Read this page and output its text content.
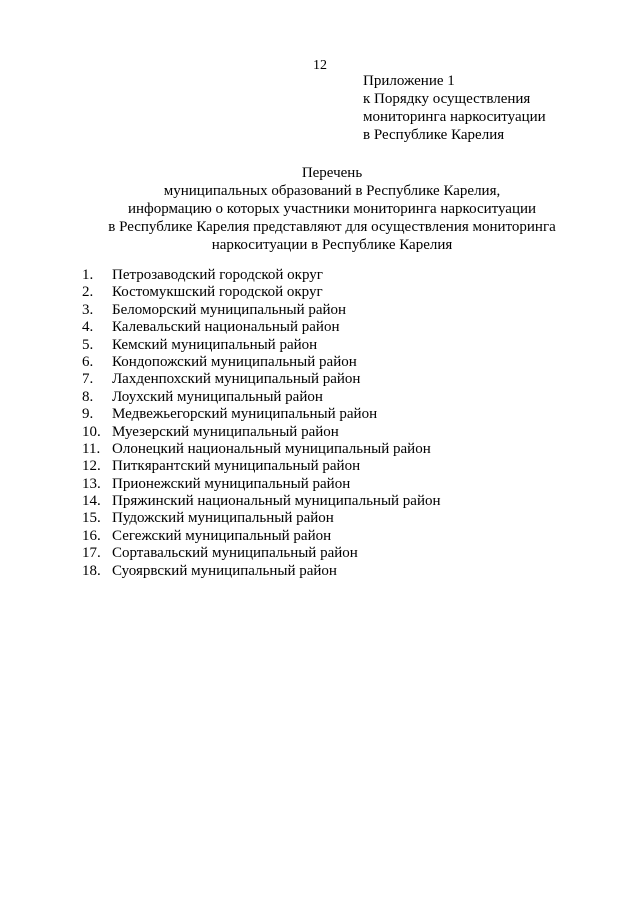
12
Приложение 1
к Порядку осуществления
мониторинга наркоситуации
в Республике Карелия
Перечень
муниципальных образований в Республике Карелия,
информацию о которых участники мониторинга наркоситуации
в Республике Карелия представляют для осуществления мониторинга
наркоситуации в Республике Карелия
1.	Петрозаводский городской округ
2.	Костомукшский городской округ
3.	Беломорский муниципальный район
4.	Калевальский национальный район
5.	Кемский муниципальный район
6.	Кондопожский муниципальный район
7.	Лахденпохский муниципальный район
8.	Лоухский муниципальный район
9.	Медвежьегорский муниципальный район
10. Муезерский муниципальный район
11. Олонецкий национальный муниципальный район
12. Питкярантский муниципальный район
13. Прионежский муниципальный район
14. Пряжинский национальный муниципальный район
15. Пудожский муниципальный район
16. Сегежский муниципальный район
17. Сортавальский муниципальный район
18. Суоярвский муниципальный район
